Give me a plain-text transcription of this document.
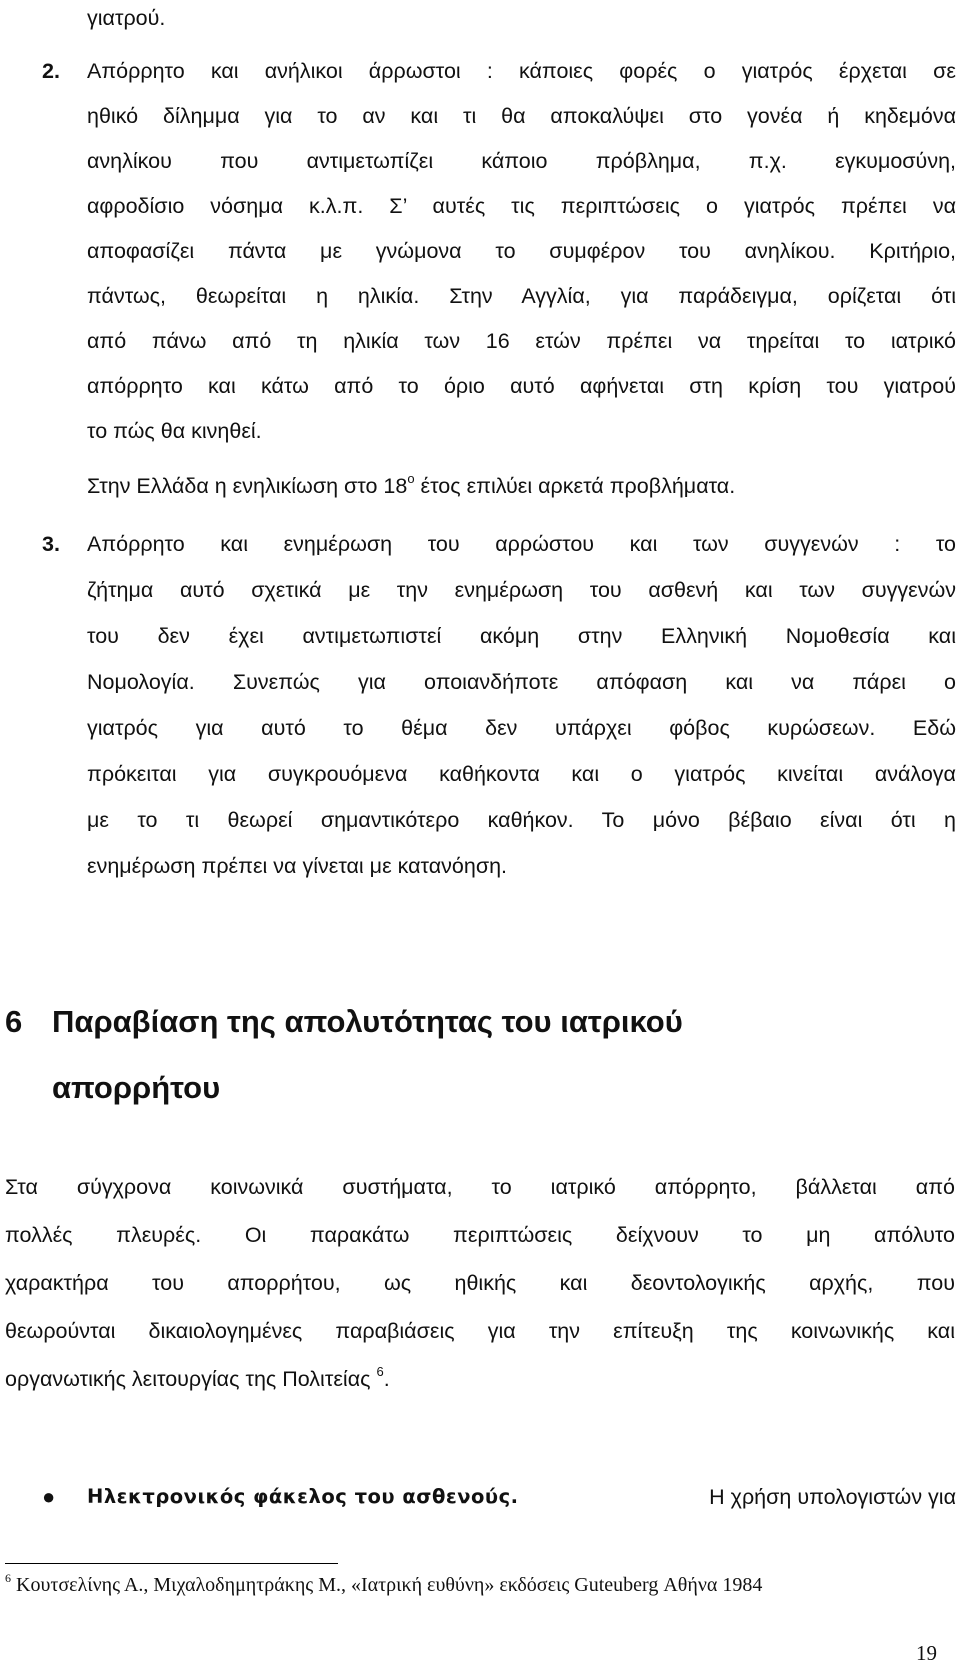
γιατρού.
2. Απόρρητο και ανήλικοι άρρωστοι : κάποιες φορές ο γιατρός έρχεται σε
ηθικό δίλημμα για το αν και τι θα αποκαλύψει στο γονέα ή κηδεμόνα
ανηλίκου που αντιμετωπίζει κάποιο πρόβλημα, π.χ. εγκυμοσύνη,
αφροδίσιο νόσημα κ.λ.π. Σ’ αυτές τις περιπτώσεις ο γιατρός πρέπει να
αποφασίζει πάντα με γνώμονα το συμφέρον του ανηλίκου. Κριτήριο,
πάντως, θεωρείται η ηλικία. Στην Αγγλία, για παράδειγμα, ορίζεται ότι
από πάνω από τη ηλικία των 16 ετών πρέπει να τηρείται το ιατρικό
απόρρητο και κάτω από το όριο αυτό αφήνεται στη κρίση του γιατρού
το πώς θα κινηθεί.
Στην Ελλάδα η ενηλικίωση στο $18^o$ έτος επιλύει αρκετά προβλήματα.
3. Απόρρητο και ενημέρωση του αρρώστου και των συγγενών : το
ζήτημα αυτό σχετικά με την ενημέρωση του ασθενή και των συγγενών
του δεν έχει αντιμετωπιστεί ακόμη στην Ελληνική Νομοθεσία και
Νομολογία. Συνεπώς για οποιανδήποτε απόφαση και να πάρει ο
γιατρός για αυτό το θέμα δεν υπάρχει φόβος κυρώσεων. Εδώ
πρόκειται για συγκρουόμενα καθήκοντα και ο γιατρός κινείται ανάλογα
με το τι θεωρεί σημαντικότερο καθήκον. Το μόνο βέβαιο είναι ότι η
ενημέρωση πρέπει να γίνεται με κατανόηση.
6 Παραβίαση της απολυτότητας του ιατρικού
απορρήτου
Στα σύγχρονα κοινωνικά συστήματα, το ιατρικό απόρρητο, βάλλεται από
πολλές πλευρές. Οι παρακάτω περιπτώσεις δείχνουν το μη απόλυτο
χαρακτήρα του απορρήτου, ως ηθικής και δεοντολογικής αρχής, που
θεωρούνται δικαιολογημένες παραβιάσεις για την επίτευξη της κοινωνικής και
οργανωτικής λειτουργίας της Πολιτείας $^6$.
● Ηλεκτρονικός φάκελος του ασθενούς.	Η χρήση υπολογιστών για
$^6$ Κουτσελίνης Α., Μιχαλοδημητράκης Μ., «Ιατρική ευθύνη» εκδόσεις Guteuberg Αθήνα 1984
19
